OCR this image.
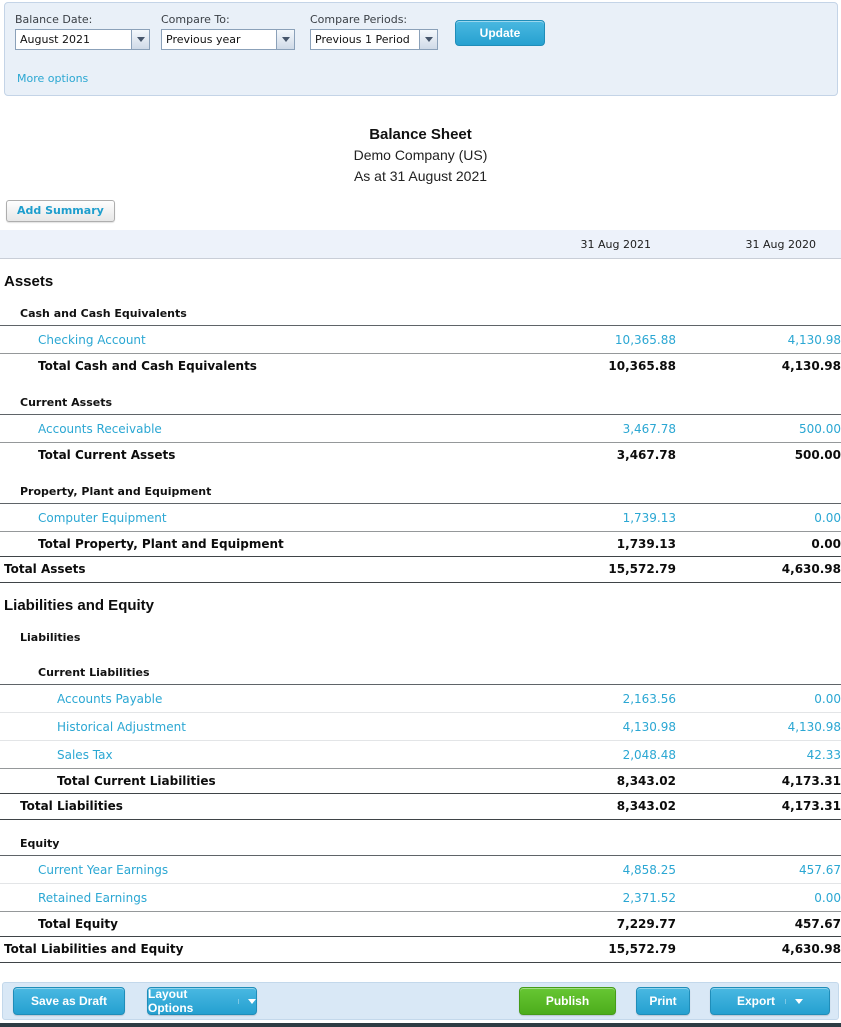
Balance Date:
August 2021
Compare To:
Previous year
Compare Periods:
Previous 1 Period	Update
More options
Balance Sheet
Demo Company (US)
As at 31 August 2021
Add Summary
31 Aug 2021	31 Aug 2020
Assets
Cash and Cash Equivalents
Checking Account	10,365.88	4,130.98
Total Cash and Cash Equivalents	10,365.88	4,130.98
Current Assets
Accounts Receivable	3,467.78	500.00
Total Current Assets	3,467.78	500.00
Property, Plant and Equipment
Computer Equipment	1,739.13	0.00
Total Property, Plant and Equipment	1,739.13	0.00
Total Assets	15,572.79	4,630.98
Liabilities and Equity
Liabilities
Current Liabilities
Accounts Payable	2,163.56	0.00
Historical Adjustment	4,130.98	4,130.98
Sales Tax	2,048.48	42.33
Total Current Liabilities	8,343.02	4,173.31
Total Liabilities	8,343.02	4,173.31
Equity
Current Year Earnings	4,858.25	457.67
Retained Earnings	2,371.52	0.00
Total Equity	7,229.77	457.67
Total Liabilities and Equity	15,572.79	4,630.98
Save as Draft	Layout Options	Publish	Print	Export
